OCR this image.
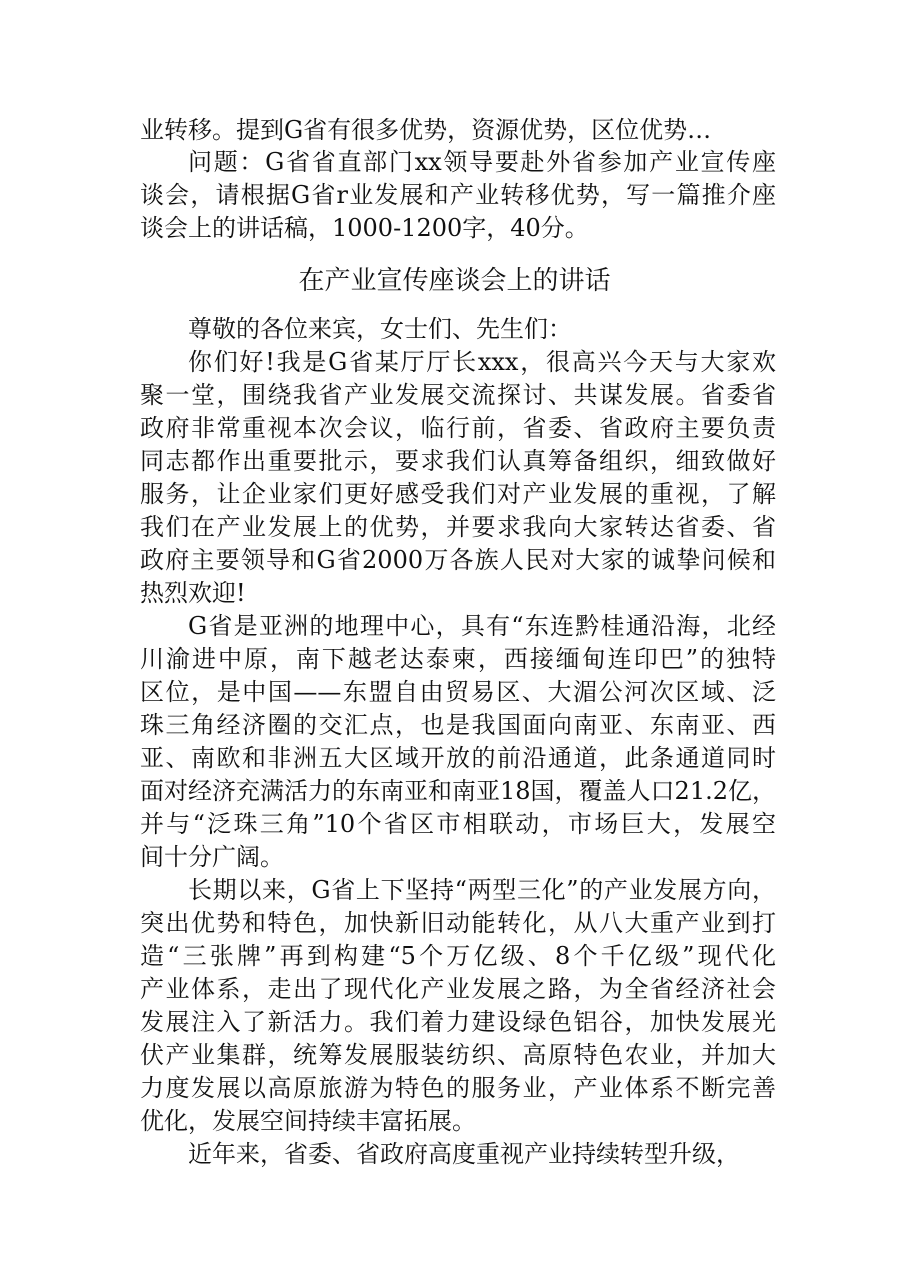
业转移。提到G省有很多优势，资源优势，区位优势…
问题：G省省直部门xx领导要赴外省参加产业宣传座
谈会，请根据G省r业发展和产业转移优势，写一篇推介座
谈会上的讲话稿，1000-1200字，40分。
在产业宣传座谈会上的讲话
尊敬的各位来宾，女士们、先生们：
你们好!我是G省某厅厅长xxx，很高兴今天与大家欢
聚一堂，围绕我省产业发展交流探讨、共谋发展。省委省
政府非常重视本次会议，临行前，省委、省政府主要负责
同志都作出重要批示，要求我们认真筹备组织，细致做好
服务，让企业家们更好感受我们对产业发展的重视，了解
我们在产业发展上的优势，并要求我向大家转达省委、省
政府主要领导和G省2000万各族人民对大家的诚挚问候和
热烈欢迎!
G省是亚洲的地理中心，具有“东连黔桂通沿海，北经
川渝进中原，南下越老达泰柬，西接缅甸连印巴”的独特
区位，是中国——东盟自由贸易区、大湄公河次区域、泛
珠三角经济圈的交汇点，也是我国面向南亚、东南亚、西
亚、南欧和非洲五大区域开放的前沿通道，此条通道同时
面对经济充满活力的东南亚和南亚18国，覆盖人口21.2亿，
并与“泛珠三角”10个省区市相联动，市场巨大，发展空
间十分广阔。
长期以来，G省上下坚持“两型三化”的产业发展方向，
突出优势和特色，加快新旧动能转化，从八大重产业到打
造“三张牌”再到构建“5个万亿级、8个千亿级”现代化
产业体系，走出了现代化产业发展之路，为全省经济社会
发展注入了新活力。我们着力建设绿色铝谷，加快发展光
伏产业集群，统筹发展服装纺织、高原特色农业，并加大
力度发展以高原旅游为特色的服务业，产业体系不断完善
优化，发展空间持续丰富拓展。
近年来，省委、省政府高度重视产业持续转型升级，
